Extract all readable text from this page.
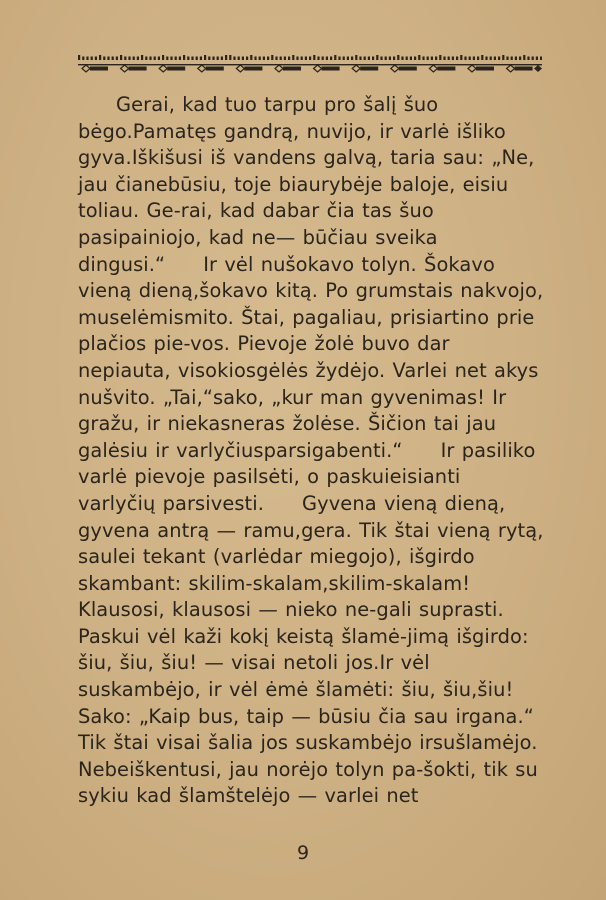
Gerai, kad tuo tarpu pro šalį šuo bėgo.Pamatęs gandrą, nuvijo, ir varlė išliko gyva.Iškišusi iš vandens galvą, taria sau: „Ne, jau čianebūsiu, toje biaurybėje baloje, eisiu toliau. Ge-rai, kad dabar čia tas šuo pasipainiojo, kad ne— būčiau sveika dingusi.“ Ir vėl nušokavo tolyn. Šokavo vieną dieną,šokavo kitą. Po grumstais nakvojo, muselėmismito. Štai, pagaliau, prisiartino prie plačios pie-vos. Pievoje žolė buvo dar nepiauta, visokiosgėlės žydėjo. Varlei net akys nušvito. „Tai,“sako, „kur man gyvenimas! Ir gražu, ir niekasneras žolėse. Šičion tai jau galėsiu ir varlyčiusparsigabenti.“ Ir pasiliko varlė pievoje pasilsėti, o paskuieisianti varlyčių parsivesti. Gyvena vieną dieną, gyvena antrą — ramu,gera. Tik štai vieną rytą, saulei tekant (varlėdar miegojo), išgirdo skambant: skilim-skalam,skilim-skalam! Klausosi, klausosi — nieko ne-gali suprasti. Paskui vėl kaži kokį keistą šlamė-jimą išgirdo: šiu, šiu, šiu! — visai netoli jos.Ir vėl suskambėjo, ir vėl ėmė šlamėti: šiu, šiu,šiu! Sako: „Kaip bus, taip — būsiu čia sau irgana.“ Tik štai visai šalia jos suskambėjo irsušlamėjo. Nebeiškentusi, jau norėjo tolyn pa-šokti, tik su sykiu kad šlamštelėjo — varlei net
9
